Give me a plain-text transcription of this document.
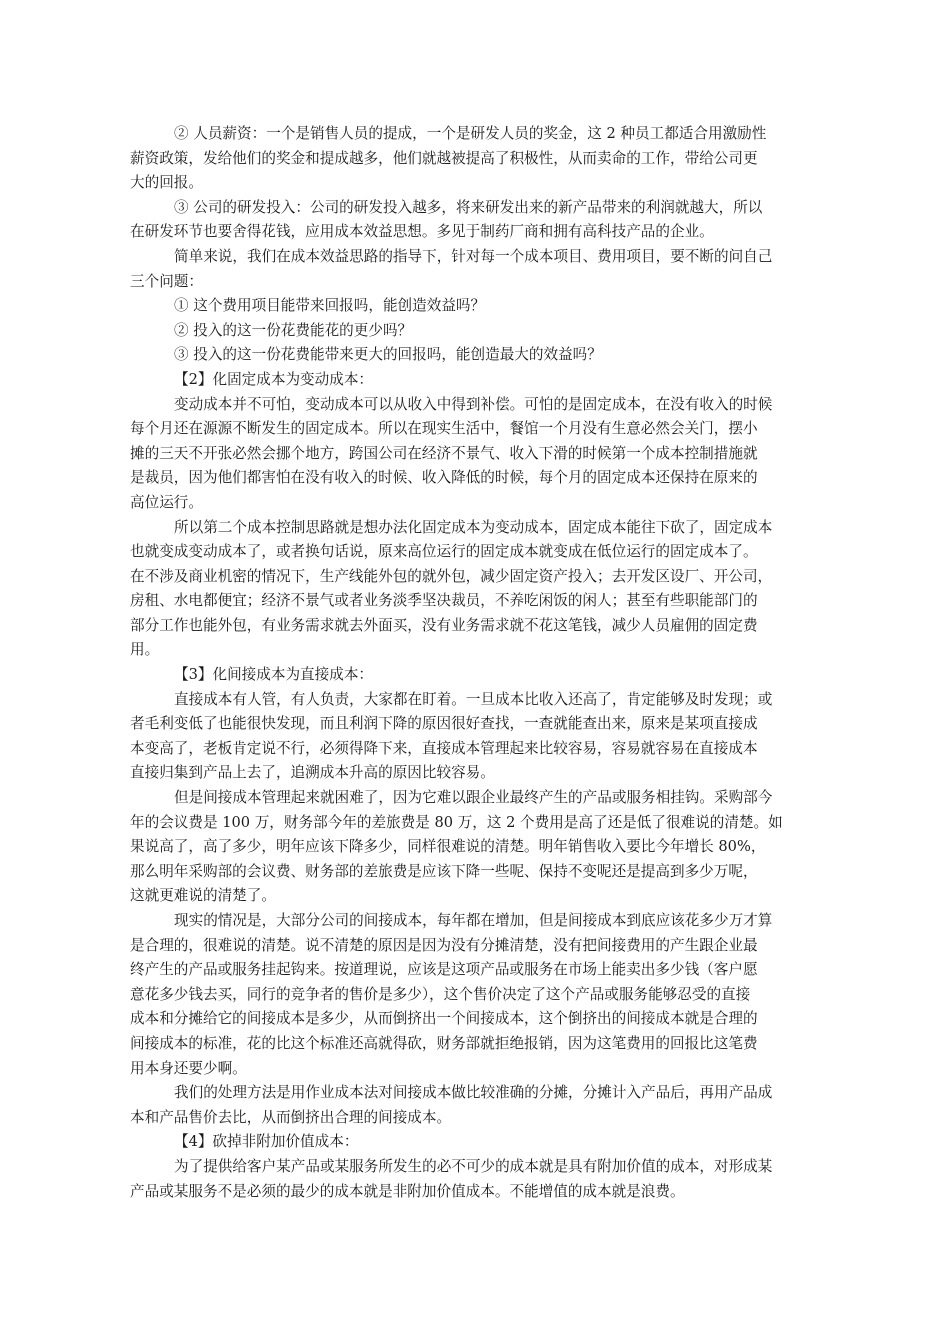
② 人员薪资：一个是销售人员的提成，一个是研发人员的奖金，这 2 种员工都适合用激励性
薪资政策，发给他们的奖金和提成越多，他们就越被提高了积极性，从而卖命的工作，带给公司更
大的回报。
③ 公司的研发投入：公司的研发投入越多，将来研发出来的新产品带来的利润就越大，所以
在研发环节也要舍得花钱，应用成本效益思想。多见于制药厂商和拥有高科技产品的企业。
简单来说，我们在成本效益思路的指导下，针对每一个成本项目、费用项目，要不断的问自己
三个问题：
① 这个费用项目能带来回报吗，能创造效益吗？
② 投入的这一份花费能花的更少吗？
③ 投入的这一份花费能带来更大的回报吗，能创造最大的效益吗？
【2】化固定成本为变动成本：
变动成本并不可怕，变动成本可以从收入中得到补偿。可怕的是固定成本，在没有收入的时候
每个月还在源源不断发生的固定成本。所以在现实生活中，餐馆一个月没有生意必然会关门，摆小
摊的三天不开张必然会挪个地方，跨国公司在经济不景气、收入下滑的时候第一个成本控制措施就
是裁员，因为他们都害怕在没有收入的时候、收入降低的时候，每个月的固定成本还保持在原来的
高位运行。
所以第二个成本控制思路就是想办法化固定成本为变动成本，固定成本能往下砍了，固定成本
也就变成变动成本了，或者换句话说，原来高位运行的固定成本就变成在低位运行的固定成本了。
在不涉及商业机密的情况下，生产线能外包的就外包，减少固定资产投入；去开发区设厂、开公司，
房租、水电都便宜；经济不景气或者业务淡季坚决裁员，不养吃闲饭的闲人；甚至有些职能部门的
部分工作也能外包，有业务需求就去外面买，没有业务需求就不花这笔钱，减少人员雇佣的固定费
用。
【3】化间接成本为直接成本：
直接成本有人管，有人负责，大家都在盯着。一旦成本比收入还高了，肯定能够及时发现；或
者毛利变低了也能很快发现，而且利润下降的原因很好查找，一查就能查出来，原来是某项直接成
本变高了，老板肯定说不行，必须得降下来，直接成本管理起来比较容易，容易就容易在直接成本
直接归集到产品上去了，追溯成本升高的原因比较容易。
但是间接成本管理起来就困难了，因为它难以跟企业最终产生的产品或服务相挂钩。采购部今
年的会议费是 100 万，财务部今年的差旅费是 80 万，这 2 个费用是高了还是低了很难说的清楚。如
果说高了，高了多少，明年应该下降多少，同样很难说的清楚。明年销售收入要比今年增长 80%，
那么明年采购部的会议费、财务部的差旅费是应该下降一些呢、保持不变呢还是提高到多少万呢，
这就更难说的清楚了。
现实的情况是，大部分公司的间接成本，每年都在增加，但是间接成本到底应该花多少万才算
是合理的，很难说的清楚。说不清楚的原因是因为没有分摊清楚，没有把间接费用的产生跟企业最
终产生的产品或服务挂起钩来。按道理说，应该是这项产品或服务在市场上能卖出多少钱（客户愿
意花多少钱去买，同行的竞争者的售价是多少），这个售价决定了这个产品或服务能够忍受的直接
成本和分摊给它的间接成本是多少，从而倒挤出一个间接成本，这个倒挤出的间接成本就是合理的
间接成本的标准，花的比这个标准还高就得砍，财务部就拒绝报销，因为这笔费用的回报比这笔费
用本身还要少啊。
我们的处理方法是用作业成本法对间接成本做比较准确的分摊，分摊计入产品后，再用产品成
本和产品售价去比，从而倒挤出合理的间接成本。
【4】砍掉非附加价值成本：
为了提供给客户某产品或某服务所发生的必不可少的成本就是具有附加价值的成本，对形成某
产品或某服务不是必须的最少的成本就是非附加价值成本。不能增值的成本就是浪费。
